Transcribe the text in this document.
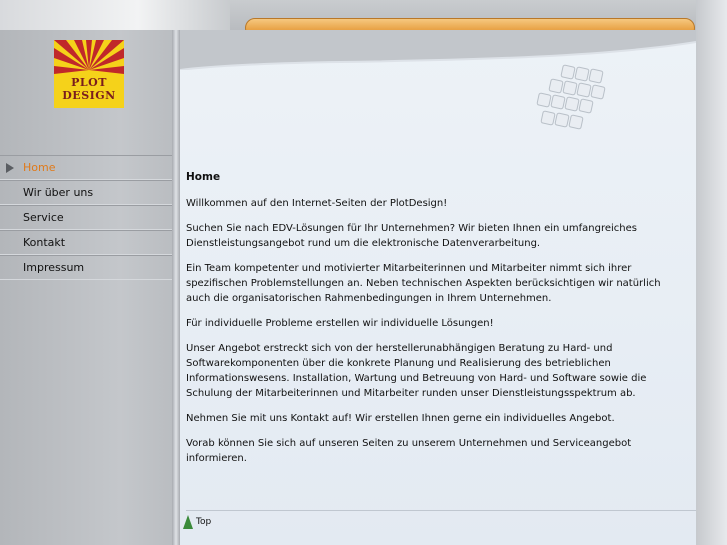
PLOT
DESIGN
Home
Wir über uns
Service
Kontakt
Impressum
Home

Willkommen auf den Internet-Seiten der PlotDesign!

Suchen Sie nach EDV-Lösungen für Ihr Unternehmen? Wir bieten Ihnen ein umfangreiches Dienstleistungsangebot rund um die elektronische Datenverarbeitung.

Ein Team kompetenter und motivierter Mitarbeiterinnen und Mitarbeiter nimmt sich ihrer spezifischen Problemstellungen an. Neben technischen Aspekten berücksichtigen wir natürlich auch die organisatorischen Rahmenbedingungen in Ihrem Unternehmen.

Für individuelle Probleme erstellen wir individuelle Lösungen!

Unser Angebot erstreckt sich von der herstellerunabhängigen Beratung zu Hard- und Softwarekomponenten über die konkrete Planung und Realisierung des betrieblichen Informationswesens. Installation, Wartung und Betreuung von Hard- und Software sowie die Schulung der Mitarbeiterinnen und Mitarbeiter runden unser Dienstleistungsspektrum ab.

Nehmen Sie mit uns Kontakt auf! Wir erstellen Ihnen gerne ein individuelles Angebot.

Vorab können Sie sich auf unseren Seiten zu unserem Unternehmen und Serviceangebot informieren.

Top
